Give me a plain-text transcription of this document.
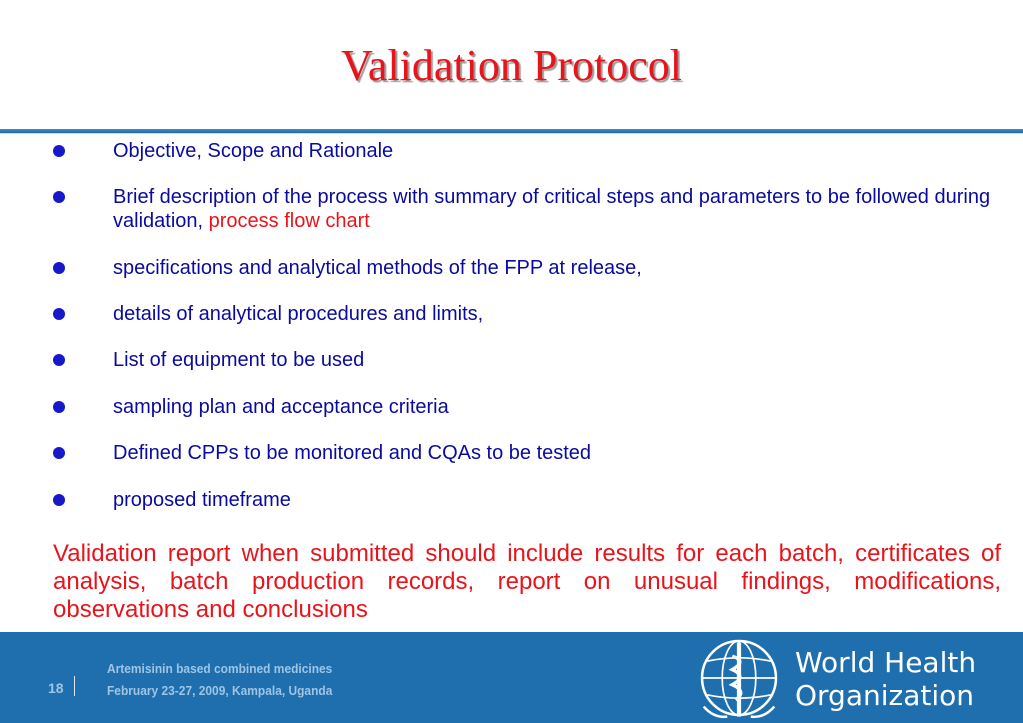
Validation Protocol
Objective, Scope and Rationale
Brief description of the process with summary of critical steps and parameters to be followed during validation, process flow chart
specifications and analytical methods of the FPP at release,
details of analytical procedures and limits,
List of equipment to be used
sampling plan and acceptance criteria
Defined CPPs to be monitored and CQAs to be tested
proposed timeframe

Validation report when submitted should include results for each batch, certificates of analysis, batch production records, report on unusual findings, modifications, observations and conclusions

18
Artemisinin based combined medicines
February 23-27, 2009, Kampala, Uganda
World Health
Organization
